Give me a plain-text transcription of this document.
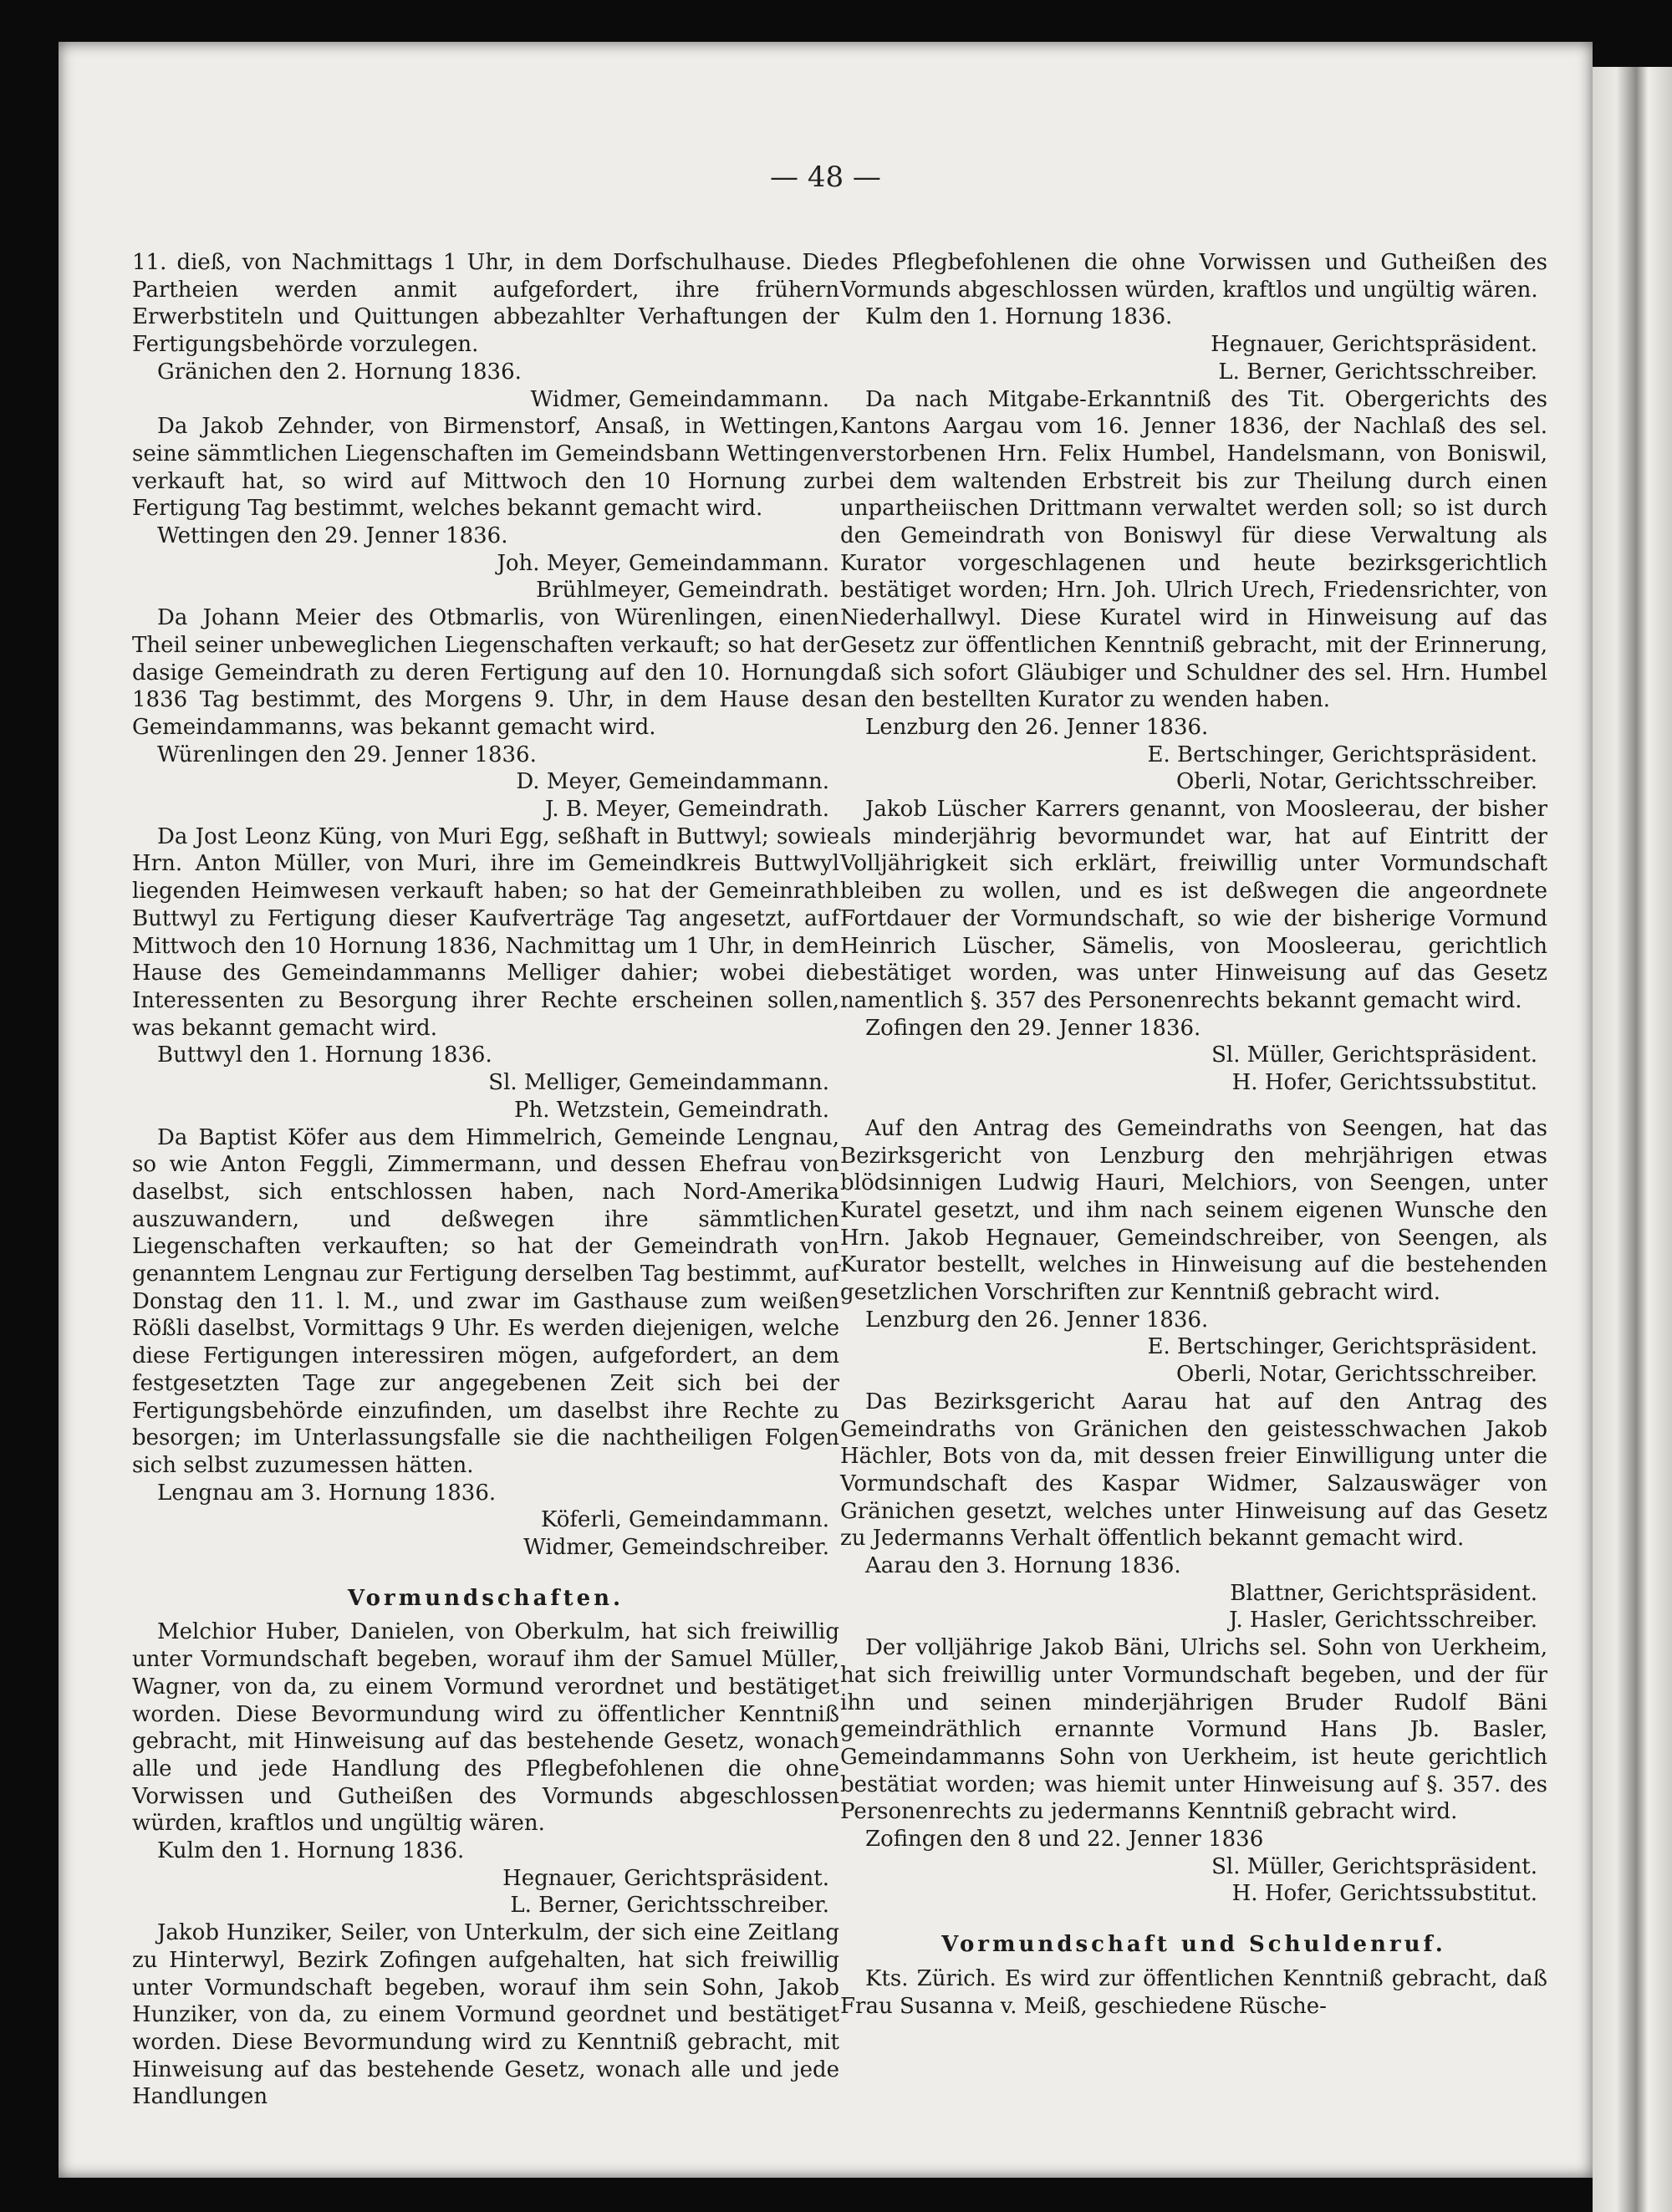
— 48 —

11. dieß, von Nachmittags 1 Uhr, in dem Dorfschulhause. Die Partheien werden anmit aufgefordert, ihre frühern Erwerbstiteln und Quittungen abbezahlter Verhaftungen der Fertigungsbehörde vorzulegen.

Gränichen den 2. Hornung 1836.
Widmer, Gemeindammann.

Da Jakob Zehnder, von Birmenstorf, Ansaß, in Wettingen, seine sämmtlichen Liegenschaften im Gemeindsbann Wettingen verkauft hat, so wird auf Mittwoch den 10 Hornung zur Fertigung Tag bestimmt, welches bekannt gemacht wird.

Wettingen den 29. Jenner 1836.
Joh. Meyer, Gemeindammann.
Brühlmeyer, Gemeindrath.

Da Johann Meier des Otbmarlis, von Würenlingen, einen Theil seiner unbeweglichen Liegenschaften verkauft; so hat der dasige Gemeindrath zu deren Fertigung auf den 10. Hornung 1836 Tag bestimmt, des Morgens 9. Uhr, in dem Hause des Gemeindammanns, was bekannt gemacht wird.

Würenlingen den 29. Jenner 1836.
D. Meyer, Gemeindammann.
J. B. Meyer, Gemeindrath.

Da Jost Leonz Küng, von Muri Egg, seßhaft in Buttwyl; sowie Hrn. Anton Müller, von Muri, ihre im Gemeindkreis Buttwyl liegenden Heimwesen verkauft haben; so hat der Gemeinrath Buttwyl zu Fertigung dieser Kaufverträge Tag angesetzt, auf Mittwoch den 10 Hornung 1836, Nachmittag um 1 Uhr, in dem Hause des Gemeindammanns Melliger dahier; wobei die Interessenten zu Besorgung ihrer Rechte erscheinen sollen, was bekannt gemacht wird.

Buttwyl den 1. Hornung 1836.
Sl. Melliger, Gemeindammann.
Ph. Wetzstein, Gemeindrath.

Da Baptist Köfer aus dem Himmelrich, Gemeinde Lengnau, so wie Anton Feggli, Zimmermann, und dessen Ehefrau von daselbst, sich entschlossen haben, nach Nord-Amerika auszuwandern, und deßwegen ihre sämmtlichen Liegenschaften verkauften; so hat der Gemeindrath von genanntem Lengnau zur Fertigung derselben Tag bestimmt, auf Donstag den 11. l. M., und zwar im Gasthause zum weißen Rößli daselbst, Vormittags 9 Uhr. Es werden diejenigen, welche diese Fertigungen interessiren mögen, aufgefordert, an dem festgesetzten Tage zur angegebenen Zeit sich bei der Fertigungsbehörde einzufinden, um daselbst ihre Rechte zu besorgen; im Unterlassungsfalle sie die nachtheiligen Folgen sich selbst zuzumessen hätten.

Lengnau am 3. Hornung 1836.
Köferli, Gemeindammann.
Widmer, Gemeindschreiber.
Vormundschaften.

Melchior Huber, Danielen, von Oberkulm, hat sich freiwillig unter Vormundschaft begeben, worauf ihm der Samuel Müller, Wagner, von da, zu einem Vormund verordnet und bestätiget worden. Diese Bevormundung wird zu öffentlicher Kenntniß gebracht, mit Hinweisung auf das bestehende Gesetz, wonach alle und jede Handlung des Pflegbefohlenen die ohne Vorwissen und Gutheißen des Vormunds abgeschlossen würden, kraftlos und ungültig wären.

Kulm den 1. Hornung 1836.
Hegnauer, Gerichtspräsident.
L. Berner, Gerichtsschreiber.

Jakob Hunziker, Seiler, von Unterkulm, der sich eine Zeitlang zu Hinterwyl, Bezirk Zofingen aufgehalten, hat sich freiwillig unter Vormundschaft begeben, worauf ihm sein Sohn, Jakob Hunziker, von da, zu einem Vormund geordnet und bestätiget worden. Diese Bevormundung wird zu Kenntniß gebracht, mit Hinweisung auf das bestehende Gesetz, wonach alle und jede Handlungen

des Pflegbefohlenen die ohne Vorwissen und Gutheißen des Vormunds abgeschlossen würden, kraftlos und ungültig wären.

Kulm den 1. Hornung 1836.
Hegnauer, Gerichtspräsident.
L. Berner, Gerichtsschreiber.

Da nach Mitgabe-Erkanntniß des Tit. Obergerichts des Kantons Aargau vom 16. Jenner 1836, der Nachlaß des sel. verstorbenen Hrn. Felix Humbel, Handelsmann, von Boniswil, bei dem waltenden Erbstreit bis zur Theilung durch einen unpartheiischen Drittmann verwaltet werden soll; so ist durch den Gemeindrath von Boniswyl für diese Verwaltung als Kurator vorgeschlagenen und heute bezirksgerichtlich bestätiget worden; Hrn. Joh. Ulrich Urech, Friedensrichter, von Niederhallwyl. Diese Kuratel wird in Hinweisung auf das Gesetz zur öffentlichen Kenntniß gebracht, mit der Erinnerung, daß sich sofort Gläubiger und Schuldner des sel. Hrn. Humbel an den bestellten Kurator zu wenden haben.

Lenzburg den 26. Jenner 1836.
E. Bertschinger, Gerichtspräsident.
Oberli, Notar, Gerichtsschreiber.

Jakob Lüscher Karrers genannt, von Moosleerau, der bisher als minderjährig bevormundet war, hat auf Eintritt der Volljährigkeit sich erklärt, freiwillig unter Vormundschaft bleiben zu wollen, und es ist deßwegen die angeordnete Fortdauer der Vormundschaft, so wie der bisherige Vormund Heinrich Lüscher, Sämelis, von Moosleerau, gerichtlich bestätiget worden, was unter Hinweisung auf das Gesetz namentlich §. 357 des Personenrechts bekannt gemacht wird.

Zofingen den 29. Jenner 1836.
Sl. Müller, Gerichtspräsident.
H. Hofer, Gerichtssubstitut.

Auf den Antrag des Gemeindraths von Seengen, hat das Bezirksgericht von Lenzburg den mehrjährigen etwas blödsinnigen Ludwig Hauri, Melchiors, von Seengen, unter Kuratel gesetzt, und ihm nach seinem eigenen Wunsche den Hrn. Jakob Hegnauer, Gemeindschreiber, von Seengen, als Kurator bestellt, welches in Hinweisung auf die bestehenden gesetzlichen Vorschriften zur Kenntniß gebracht wird.

Lenzburg den 26. Jenner 1836.
E. Bertschinger, Gerichtspräsident.
Oberli, Notar, Gerichtsschreiber.

Das Bezirksgericht Aarau hat auf den Antrag des Gemeindraths von Gränichen den geistesschwachen Jakob Hächler, Bots von da, mit dessen freier Einwilligung unter die Vormundschaft des Kaspar Widmer, Salzauswäger von Gränichen gesetzt, welches unter Hinweisung auf das Gesetz zu Jedermanns Verhalt öffentlich bekannt gemacht wird.

Aarau den 3. Hornung 1836.
Blattner, Gerichtspräsident.
J. Hasler, Gerichtsschreiber.

Der volljährige Jakob Bäni, Ulrichs sel. Sohn von Uerkheim, hat sich freiwillig unter Vormundschaft begeben, und der für ihn und seinen minderjährigen Bruder Rudolf Bäni gemeindräthlich ernannte Vormund Hans Jb. Basler, Gemeindammanns Sohn von Uerkheim, ist heute gerichtlich bestätiat worden; was hiemit unter Hinweisung auf §. 357. des Personenrechts zu jedermanns Kenntniß gebracht wird.

Zofingen den 8 und 22. Jenner 1836
Sl. Müller, Gerichtspräsident.
H. Hofer, Gerichtssubstitut.
Vormundschaft und Schuldenruf.

Kts. Zürich. Es wird zur öffentlichen Kenntniß gebracht, daß Frau Susanna v. Meiß, geschiedene Rüsche-
